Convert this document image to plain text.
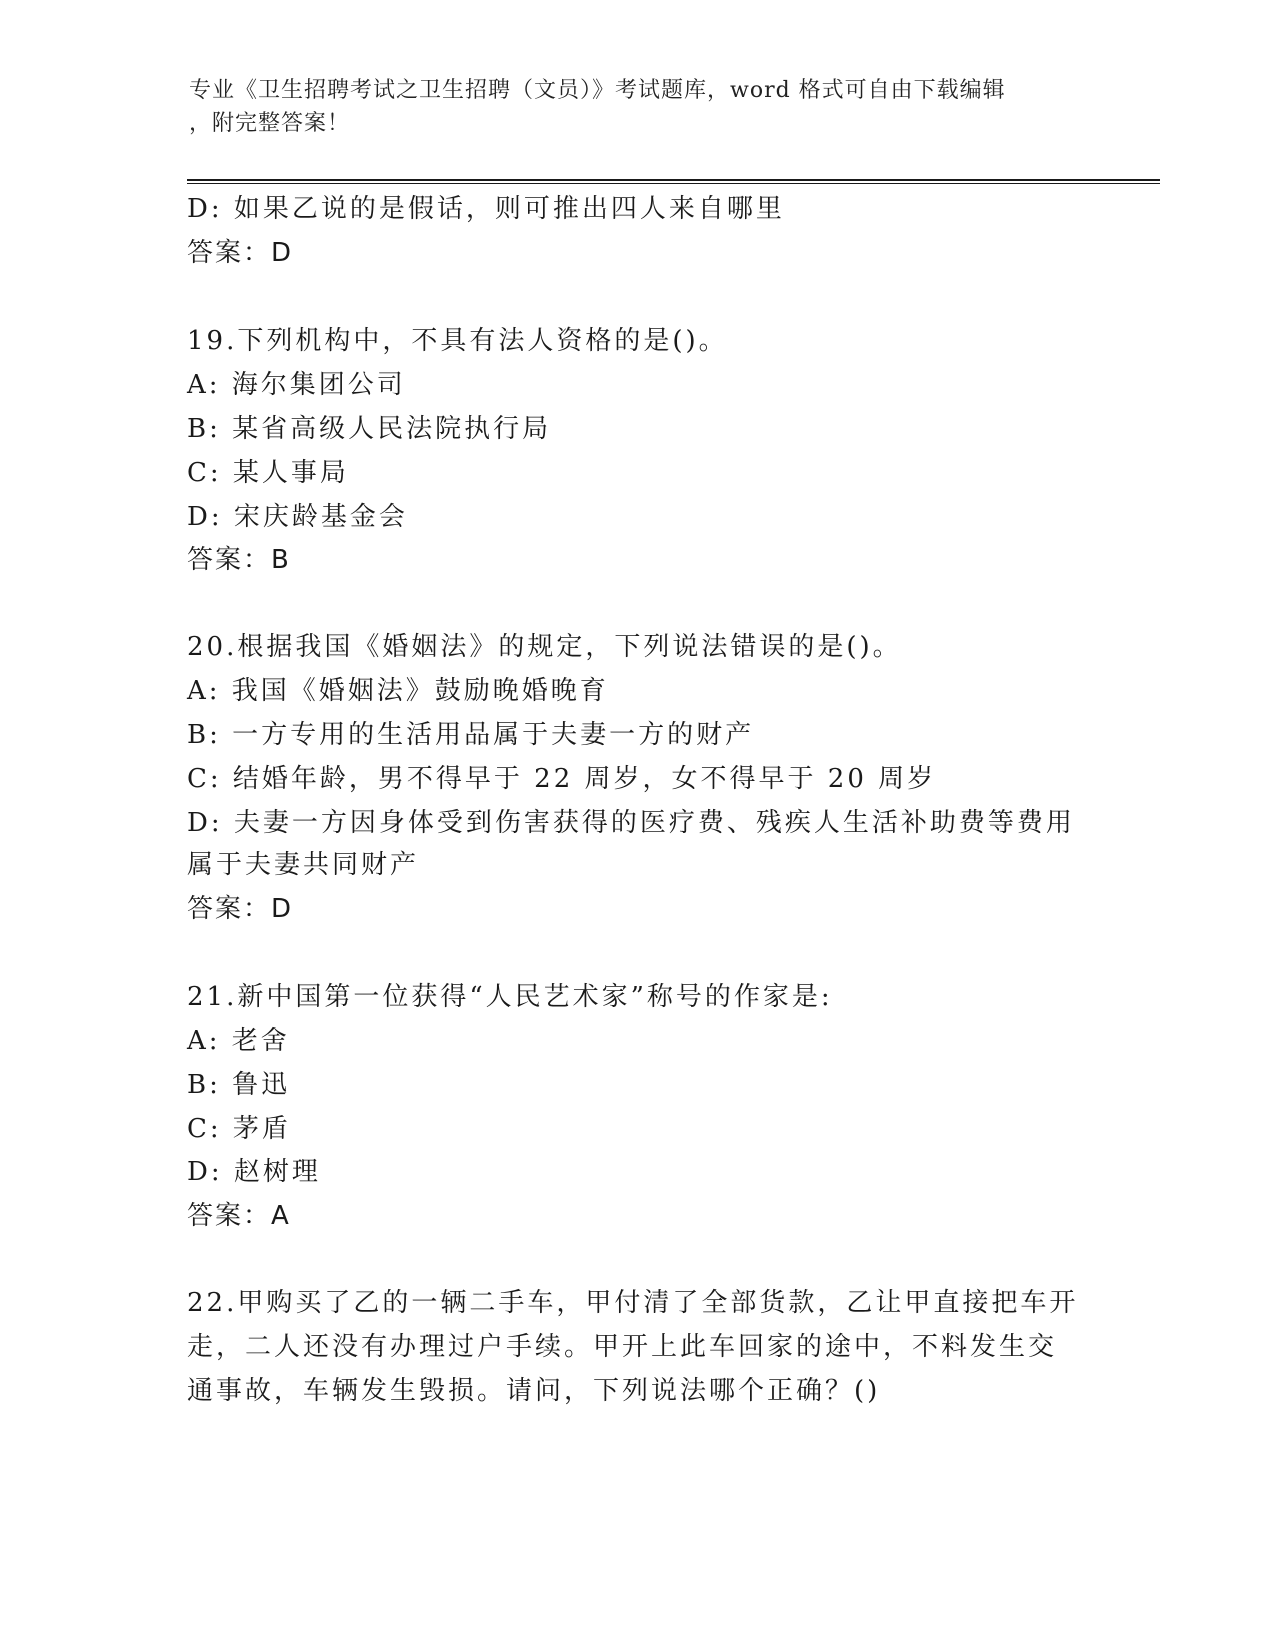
专业《卫生招聘考试之卫生招聘（文员）》考试题库，word 格式可自由下载编辑
，附完整答案！
D: 如果乙说的是假话，则可推出四人来自哪里
答案：D
19.下列机构中，不具有法人资格的是()。
A: 海尔集团公司
B: 某省高级人民法院执行局
C: 某人事局
D: 宋庆龄基金会
答案：B
20.根据我国《婚姻法》的规定，下列说法错误的是()。
A: 我国《婚姻法》鼓励晚婚晚育
B: 一方专用的生活用品属于夫妻一方的财产
C: 结婚年龄，男不得早于 22 周岁，女不得早于 20 周岁
D: 夫妻一方因身体受到伤害获得的医疗费、残疾人生活补助费等费用
属于夫妻共同财产
答案：D
21.新中国第一位获得“人民艺术家”称号的作家是:
A: 老舍
B: 鲁迅
C: 茅盾
D: 赵树理
答案：A
22.甲购买了乙的一辆二手车，甲付清了全部货款，乙让甲直接把车开
走，二人还没有办理过户手续。甲开上此车回家的途中，不料发生交
通事故，车辆发生毁损。请问，下列说法哪个正确？()
